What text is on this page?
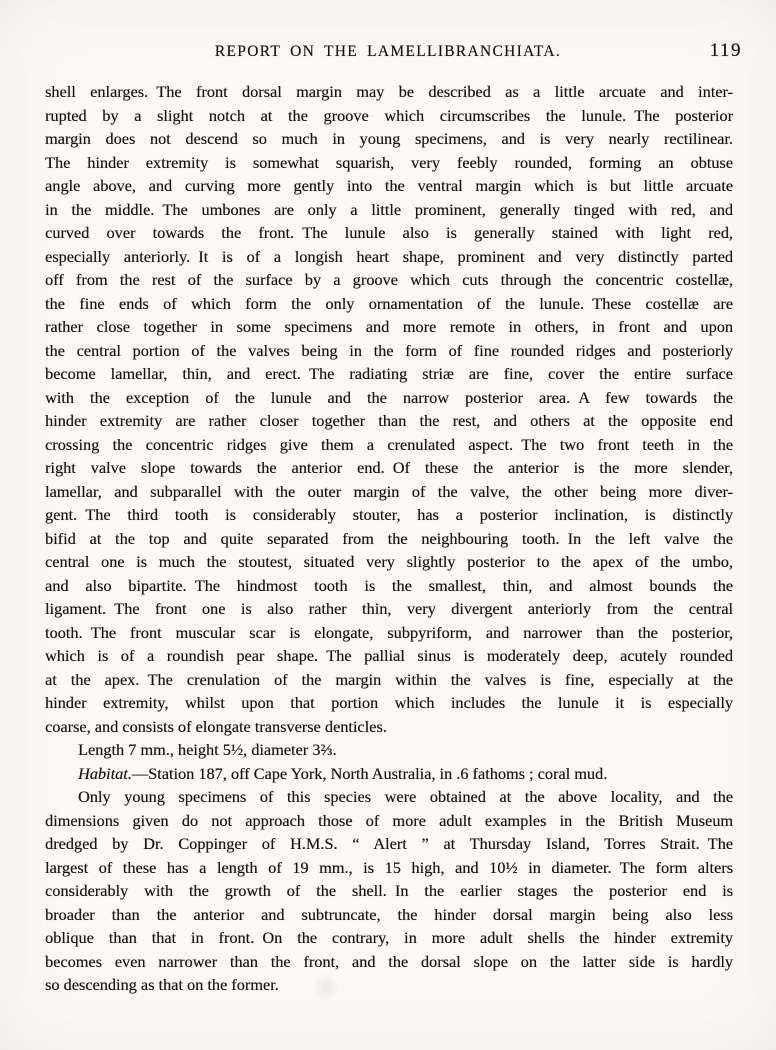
REPORT ON THE LAMELLIBRANCHIATA.	119
shell enlarges. The front dorsal margin may be described as a little arcuate and inter-
rupted by a slight notch at the groove which circumscribes the lunule. The posterior
margin does not descend so much in young specimens, and is very nearly rectilinear.
The hinder extremity is somewhat squarish, very feebly rounded, forming an obtuse
angle above, and curving more gently into the ventral margin which is but little arcuate
in the middle. The umbones are only a little prominent, generally tinged with red, and
curved over towards the front. The lunule also is generally stained with light red,
especially anteriorly. It is of a longish heart shape, prominent and very distinctly parted
off from the rest of the surface by a groove which cuts through the concentric costellæ,
the fine ends of which form the only ornamentation of the lunule. These costellæ are
rather close together in some specimens and more remote in others, in front and upon
the central portion of the valves being in the form of fine rounded ridges and posteriorly
become lamellar, thin, and erect. The radiating striæ are fine, cover the entire surface
with the exception of the lunule and the narrow posterior area. A few towards the
hinder extremity are rather closer together than the rest, and others at the opposite end
crossing the concentric ridges give them a crenulated aspect. The two front teeth in the
right valve slope towards the anterior end. Of these the anterior is the more slender,
lamellar, and subparallel with the outer margin of the valve, the other being more diver-
gent. The third tooth is considerably stouter, has a posterior inclination, is distinctly
bifid at the top and quite separated from the neighbouring tooth. In the left valve the
central one is much the stoutest, situated very slightly posterior to the apex of the umbo,
and also bipartite. The hindmost tooth is the smallest, thin, and almost bounds the
ligament. The front one is also rather thin, very divergent anteriorly from the central
tooth. The front muscular scar is elongate, subpyriform, and narrower than the posterior,
which is of a roundish pear shape. The pallial sinus is moderately deep, acutely rounded
at the apex. The crenulation of the margin within the valves is fine, especially at the
hinder extremity, whilst upon that portion which includes the lunule it is especially
coarse, and consists of elongate transverse denticles.
Length 7 mm., height 5½, diameter 3⅔.
Habitat.—Station 187, off Cape York, North Australia, in .6 fathoms ; coral mud.
Only young specimens of this species were obtained at the above locality, and the
dimensions given do not approach those of more adult examples in the British Museum
dredged by Dr. Coppinger of H.M.S. “ Alert ” at Thursday Island, Torres Strait. The
largest of these has a length of 19 mm., is 15 high, and 10½ in diameter. The form alters
considerably with the growth of the shell. In the earlier stages the posterior end is
broader than the anterior and subtruncate, the hinder dorsal margin being also less
oblique than that in front. On the contrary, in more adult shells the hinder extremity
becomes even narrower than the front, and the dorsal slope on the latter side is hardly
so descending as that on the former.
